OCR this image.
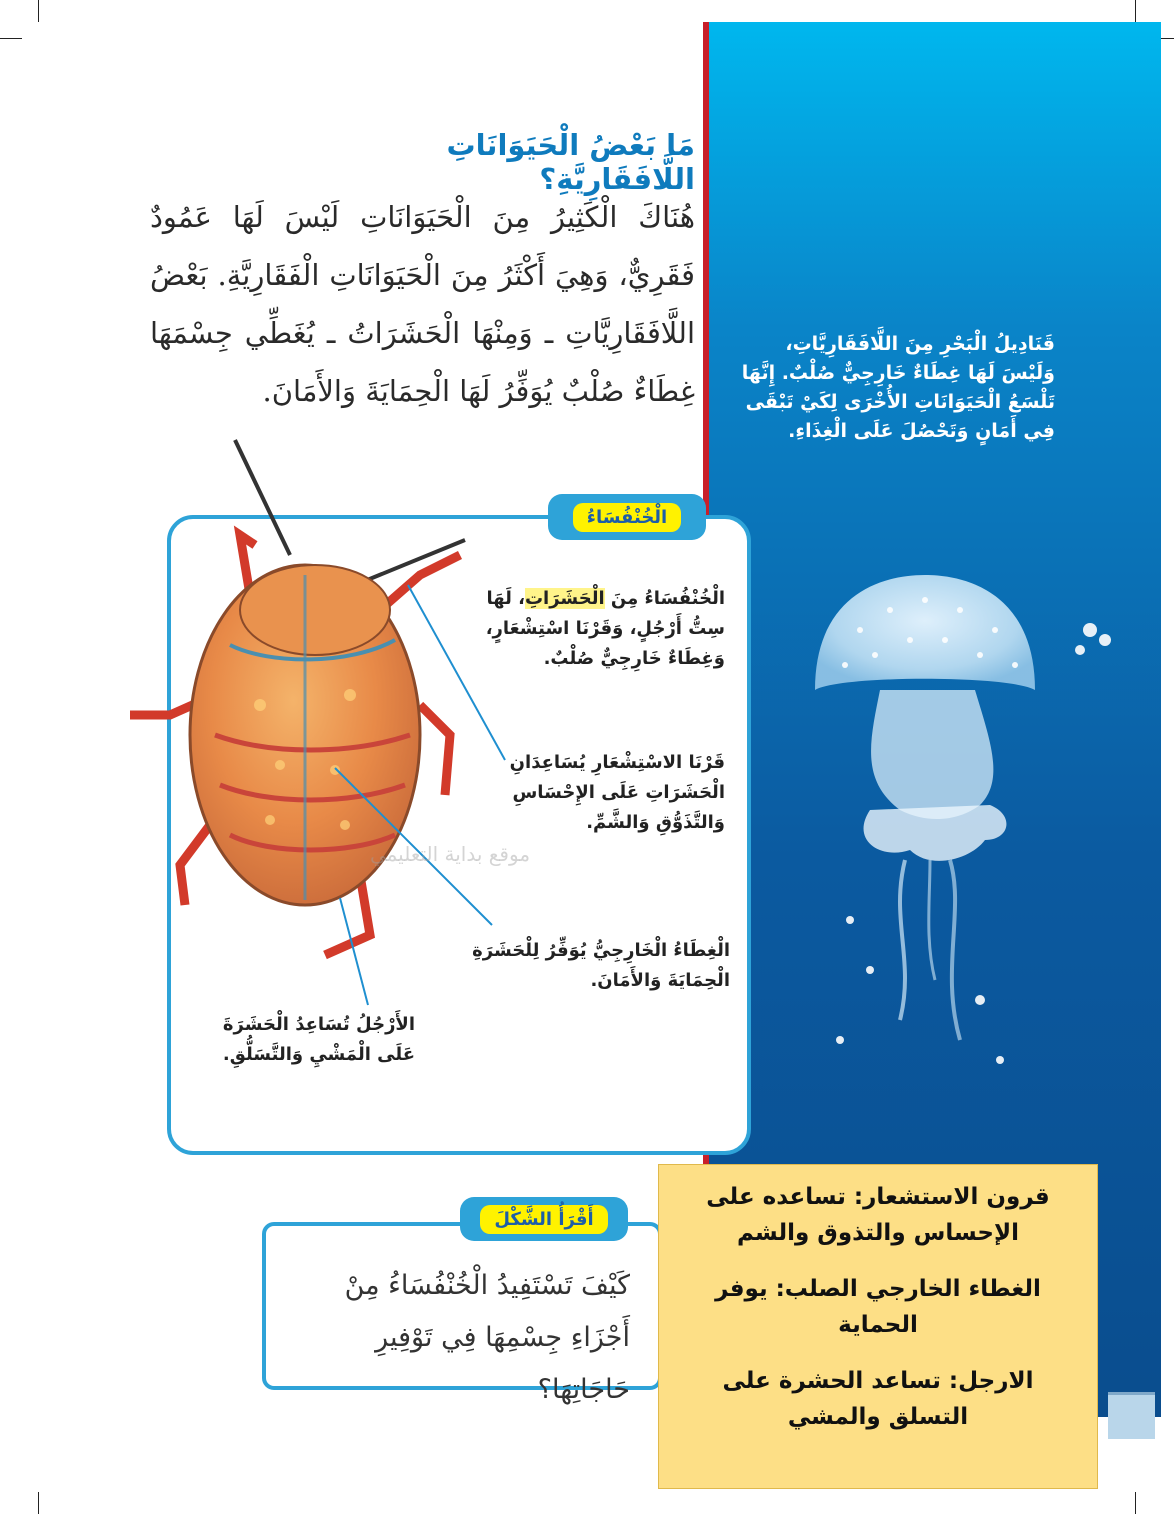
قَنَادِيلُ الْبَحْرِ مِنَ اللَّافَقَارِيَّاتِ، وَلَيْسَ لَهَا غِطَاءٌ خَارِجِيٌّ صُلْبٌ. إِنَّهَا تَلْسَعُ الْحَيَوَانَاتِ الأُخْرَى لِكَيْ تَبْقَى فِي أَمَانٍ وَتَحْصُلَ عَلَى الْغِذَاءِ.
مَا بَعْضُ الْحَيَوَانَاتِ اللَّافَقَارِيَّةِ؟
هُنَاكَ الْكَثِيرُ مِنَ الْحَيَوَانَاتِ لَيْسَ لَهَا عَمُودٌ فَقَرِيٌّ، وَهِيَ أَكْثَرُ مِنَ الْحَيَوَانَاتِ الْفَقَارِيَّةِ. بَعْضُ اللَّافَقَارِيَّاتِ ـ وَمِنْهَا الْحَشَرَاتُ ـ يُغَطِّي جِسْمَهَا غِطَاءٌ صُلْبٌ يُوَفِّرُ لَهَا الْحِمَايَةَ وَالأَمَانَ.
الْخُنْفُسَاءُ
الْخُنْفُسَاءُ مِنَ الْحَشَرَاتِ، لَهَا سِتُّ أَرْجُلٍ، وَقَرْنَا اسْتِشْعَارٍ، وَغِطَاءٌ خَارِجِيٌّ صُلْبٌ.
قَرْنَا الاسْتِشْعَارِ يُسَاعِدَانِ الْحَشَرَاتِ عَلَى الإِحْسَاسِ وَالتَّذَوُّقِ وَالشَّمِّ.
الْغِطَاءُ الْخَارِجِيُّ يُوَفِّرُ لِلْحَشَرَةِ الْحِمَايَةَ وَالأَمَانَ.
الأَرْجُلُ تُسَاعِدُ الْحَشَرَةَ عَلَى الْمَشْيِ وَالتَّسَلُّقِ.
موقع بداية التعليمي
أَقْرَأُ الشَّكْلَ
كَيْفَ تَسْتَفِيدُ الْخُنْفُسَاءُ مِنْ أَجْزَاءِ جِسْمِهَا فِي تَوْفِيرِ حَاجَاتِهَا؟

قرون الاستشعار: تساعده على الإحساس والتذوق والشم

الغطاء الخارجي الصلب: يوفر الحماية

الارجل: تساعد الحشرة على التسلق والمشي
